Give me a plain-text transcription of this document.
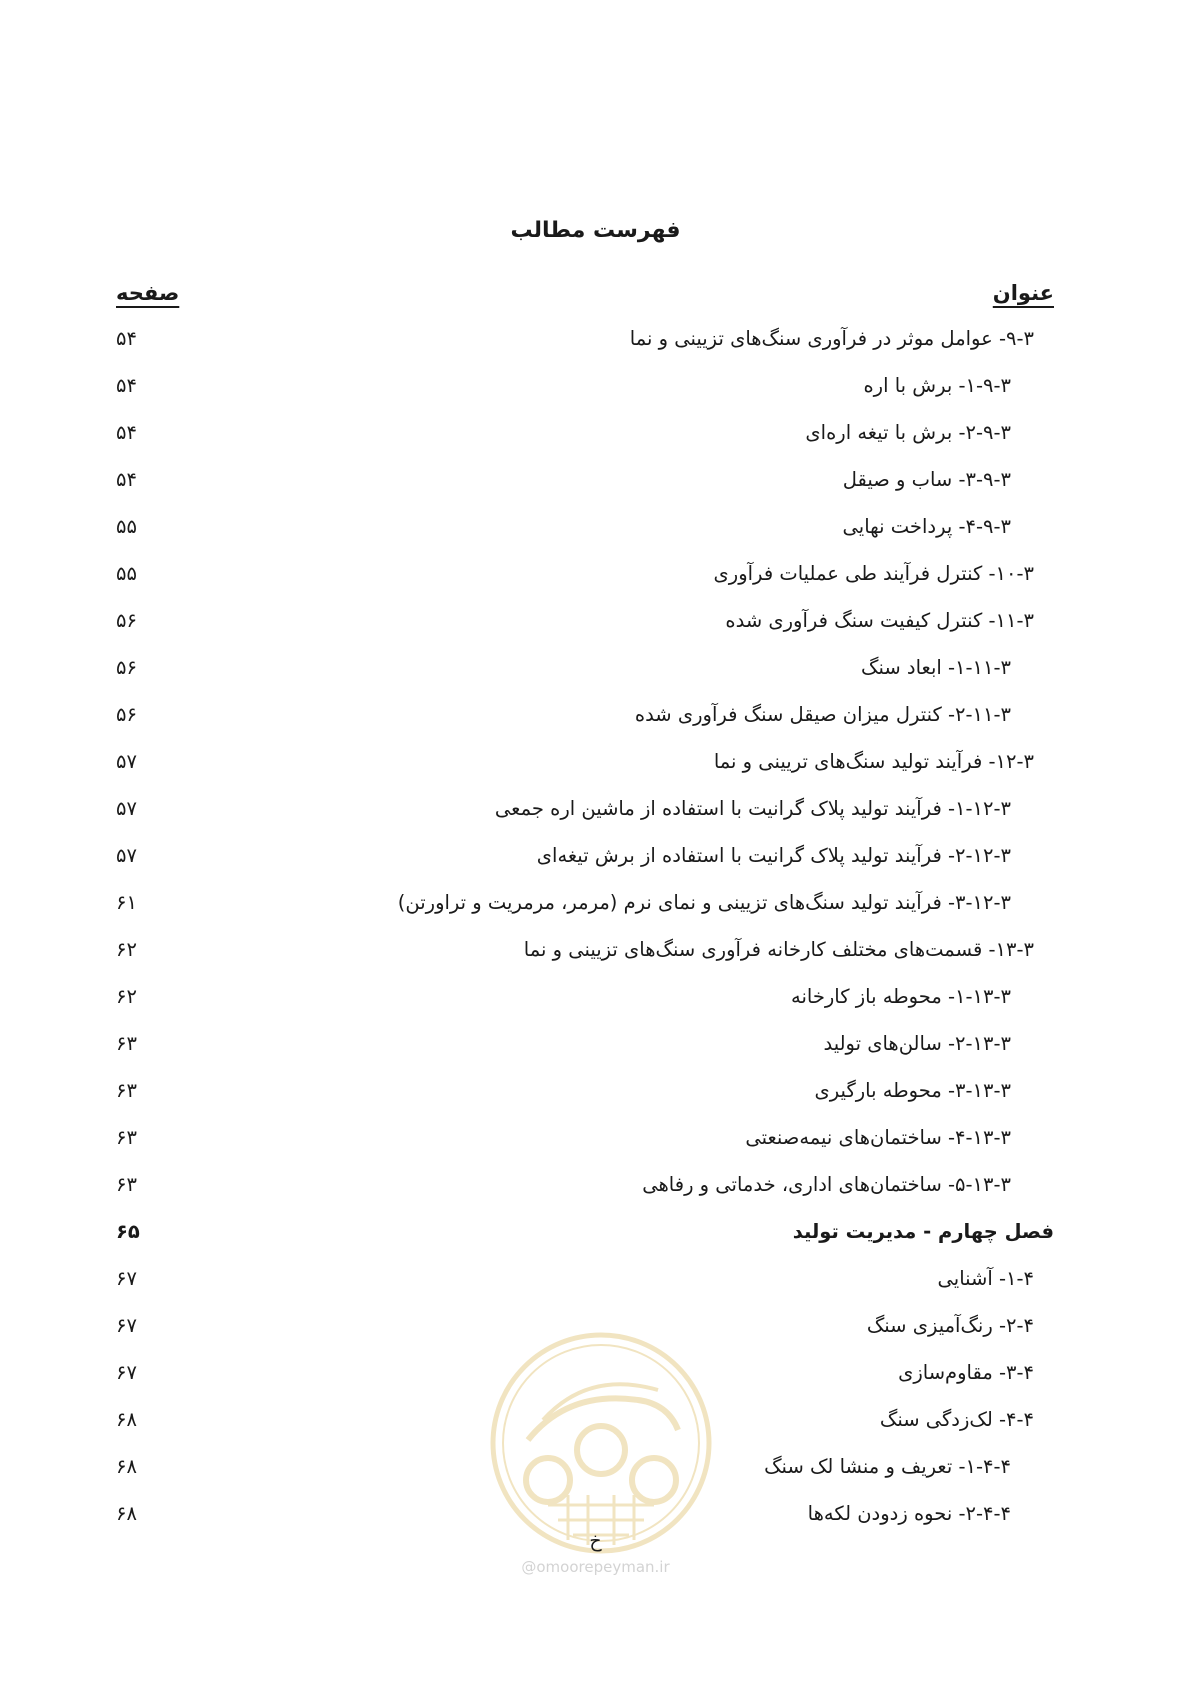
فهرست مطالب
عنوان
صفحه
۹-۳- عوامل موثر در فرآوری سنگ‌های تزیینی و نما
۵۴
۱-۹-۳- برش با اره
۵۴
۲-۹-۳- برش با تیغه اره‌ای
۵۴
۳-۹-۳- ساب و صیقل
۵۴
۴-۹-۳- پرداخت نهایی
۵۵
۱۰-۳- کنترل فرآیند طی عملیات فرآوری
۵۵
۱۱-۳- کنترل کیفیت سنگ فرآوری شده
۵۶
۱-۱۱-۳- ابعاد سنگ
۵۶
۲-۱۱-۳- کنترل میزان صیقل سنگ فرآوری شده
۵۶
۱۲-۳- فرآیند تولید سنگ‌های تریینی و نما
۵۷
۱-۱۲-۳- فرآیند تولید پلاک گرانیت با استفاده از ماشین اره جمعی
۵۷
۲-۱۲-۳- فرآیند تولید پلاک گرانیت با استفاده از برش تیغه‌ای
۵۷
۳-۱۲-۳- فرآیند تولید سنگ‌های تزیینی و نمای نرم (مرمر، مرمریت و تراورتن)
۶۱
۱۳-۳- قسمت‌های مختلف کارخانه فرآوری سنگ‌های تزیینی و نما
۶۲
۱-۱۳-۳- محوطه باز کارخانه
۶۲
۲-۱۳-۳- سالن‌های تولید
۶۳
۳-۱۳-۳- محوطه بارگیری
۶۳
۴-۱۳-۳- ساختمان‌های نیمه‌صنعتی
۶۳
۵-۱۳-۳- ساختمان‌های اداری، خدماتی و رفاهی
۶۳
فصل چهارم - مدیریت تولید
۶۵
۱-۴- آشنایی
۶۷
۲-۴- رنگ‌آمیزی سنگ
۶۷
۳-۴- مقاوم‌سازی
۶۷
۴-۴- لک‌زدگی سنگ
۶۸
۱-۴-۴- تعریف و منشا لک سنگ
۶۸
۲-۴-۴- نحوه زدودن لکه‌ها
۶۸
خ
@omoorepeyman.ir
